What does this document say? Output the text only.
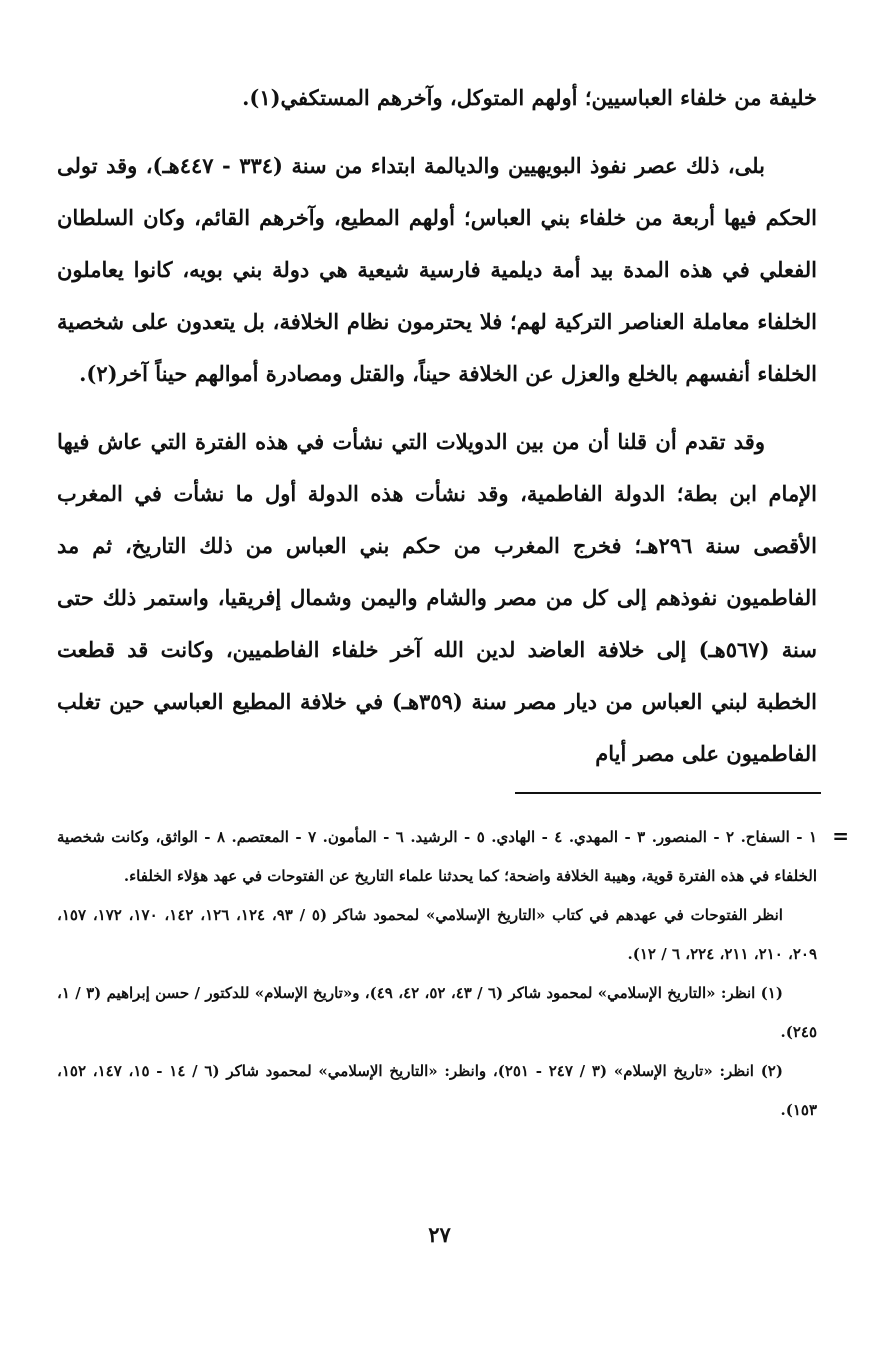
خليفة من خلفاء العباسيين؛ أولهم المتوكل، وآخرهم المستكفي(١).

بلى، ذلك عصر نفوذ البويهيين والديالمة ابتداء من سنة (٣٣٤ - ٤٤٧هـ)، وقد تولى الحكم فيها أربعة من خلفاء بني العباس؛ أولهم المطيع، وآخرهم القائم، وكان السلطان الفعلي في هذه المدة بيد أمة ديلمية فارسية شيعية هي دولة بني بويه، كانوا يعاملون الخلفاء معاملة العناصر التركية لهم؛ فلا يحترمون نظام الخلافة، بل يتعدون على شخصية الخلفاء أنفسهم بالخلع والعزل عن الخلافة حيناً، والقتل ومصادرة أموالهم حيناً آخر(٢).

وقد تقدم أن قلنا أن من بين الدويلات التي نشأت في هذه الفترة التي عاش فيها الإمام ابن بطة؛ الدولة الفاطمية، وقد نشأت هذه الدولة أول ما نشأت في المغرب الأقصى سنة ٢٩٦هـ؛ فخرج المغرب من حكم بني العباس من ذلك التاريخ، ثم مد الفاطميون نفوذهم إلى كل من مصر والشام واليمن وشمال إفريقيا، واستمر ذلك حتى سنة (٥٦٧هـ) إلى خلافة العاضد لدين الله آخر خلفاء الفاطميين، وكانت قد قطعت الخطبة لبني العباس من ديار مصر سنة (٣٥٩هـ) في خلافة المطيع العباسي حين تغلب الفاطميون على مصر أيام

=

١ - السفاح. ٢ - المنصور. ٣ - المهدي. ٤ - الهادي. ٥ - الرشيد. ٦ - المأمون. ٧ - المعتصم. ٨ - الواثق، وكانت شخصية الخلفاء في هذه الفترة قوية، وهيبة الخلافة واضحة؛ كما يحدثنا علماء التاريخ عن الفتوحات في عهد هؤلاء الخلفاء.

انظر الفتوحات في عهدهم في كتاب «التاريخ الإسلامي» لمحمود شاكر (٥ / ٩٣، ١٢٤، ١٢٦، ١٤٢، ١٧٠، ١٧٢، ١٥٧، ٢٠٩، ٢١٠، ٢١١، ٢٢٤، ٦ / ١٢).

(١) انظر: «التاريخ الإسلامي» لمحمود شاكر (٦ / ٤٣، ٥٢، ٤٢، ٤٩)، و«تاريخ الإسلام» للدكتور / حسن إبراهيم (٣ / ١، ٢٤٥).

(٢) انظر: «تاريخ الإسلام» (٣ / ٢٤٧ - ٢٥١)، وانظر: «التاريخ الإسلامي» لمحمود شاكر (٦ / ١٤ - ١٥، ١٤٧، ١٥٢، ١٥٣).

٢٧
